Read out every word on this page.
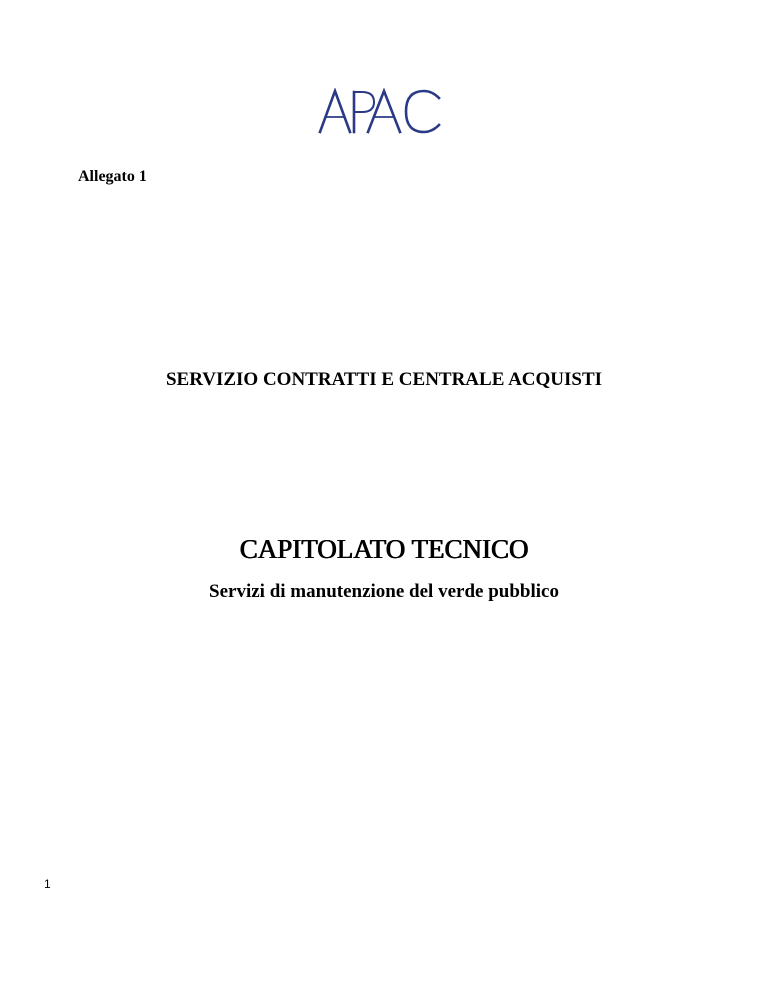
Allegato 1
SERVIZIO CONTRATTI E CENTRALE ACQUISTI
CAPITOLATO TECNICO
Servizi di manutenzione del verde pubblico
1
